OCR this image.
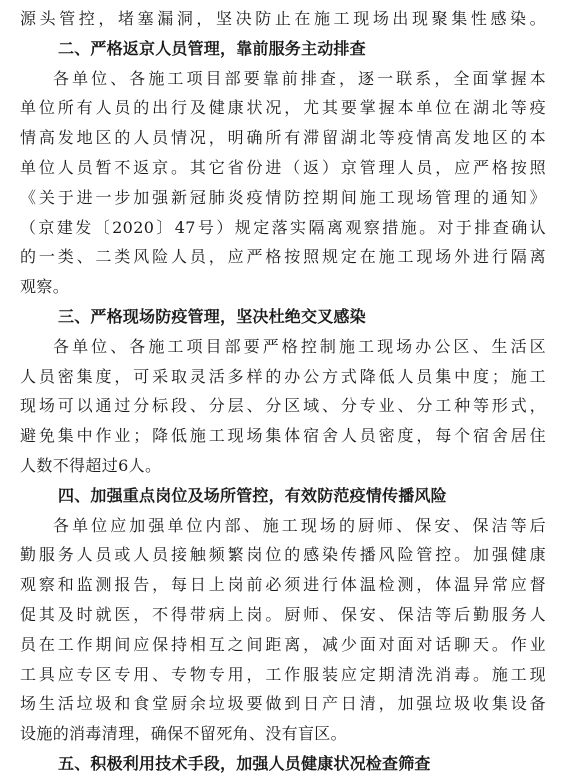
源头管控，堵塞漏洞，坚决防止在施工现场出现聚集性感染。
二、严格返京人员管理，靠前服务主动排查
各单位、各施工项目部要靠前排查，逐一联系，全面掌握本
单位所有人员的出行及健康状况，尤其要掌握本单位在湖北等疫
情高发地区的人员情况，明确所有滞留湖北等疫情高发地区的本
单位人员暂不返京。其它省份进（返）京管理人员，应严格按照
《关于进一步加强新冠肺炎疫情防控期间施工现场管理的通知》
（京建发〔2020〕47号）规定落实隔离观察措施。对于排查确认
的一类、二类风险人员，应严格按照规定在施工现场外进行隔离
观察。
三、严格现场防疫管理，坚决杜绝交叉感染
各单位、各施工项目部要严格控制施工现场办公区、生活区
人员密集度，可采取灵活多样的办公方式降低人员集中度；施工
现场可以通过分标段、分层、分区域、分专业、分工种等形式，
避免集中作业；降低施工现场集体宿舍人员密度，每个宿舍居住
人数不得超过6人。
四、加强重点岗位及场所管控，有效防范疫情传播风险
各单位应加强单位内部、施工现场的厨师、保安、保洁等后
勤服务人员或人员接触频繁岗位的感染传播风险管控。加强健康
观察和监测报告，每日上岗前必须进行体温检测，体温异常应督
促其及时就医，不得带病上岗。厨师、保安、保洁等后勤服务人
员在工作期间应保持相互之间距离，减少面对面对话聊天。作业
工具应专区专用、专物专用，工作服装应定期清洗消毒。施工现
场生活垃圾和食堂厨余垃圾要做到日产日清，加强垃圾收集设备
设施的消毒清理，确保不留死角、没有盲区。
五、积极利用技术手段，加强人员健康状况检查筛查
